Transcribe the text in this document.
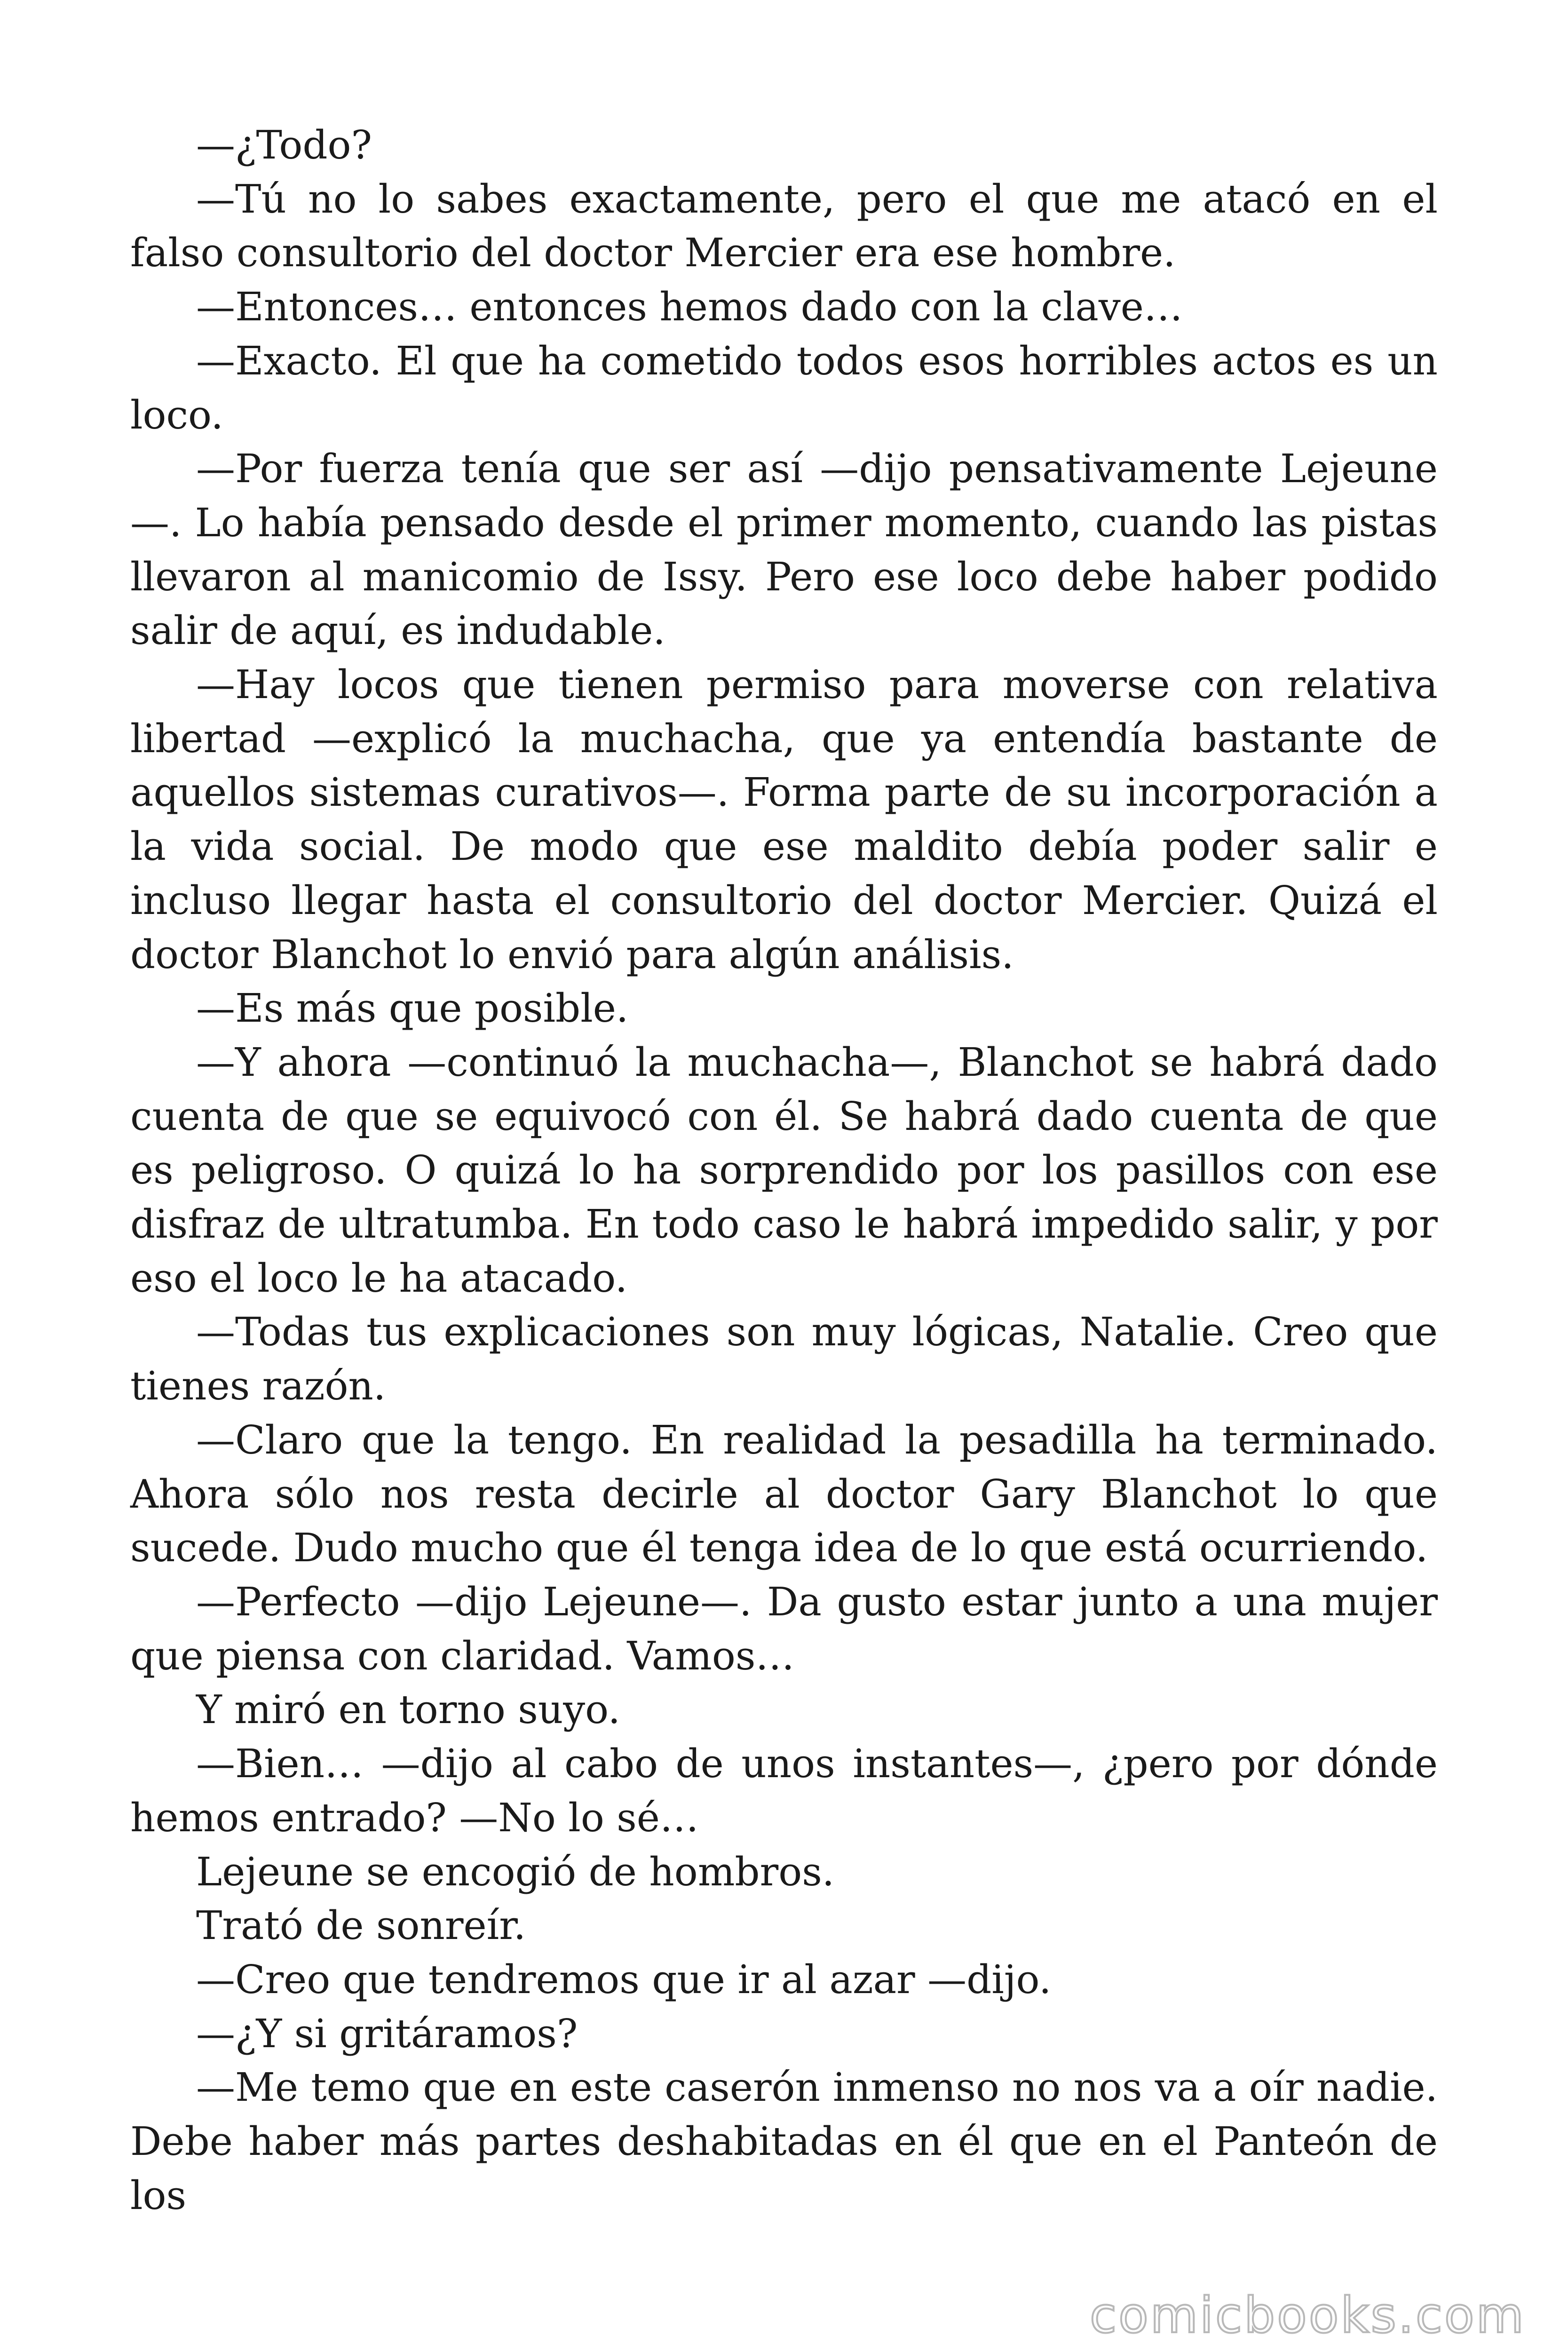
—¿Todo?

—Tú no lo sabes exactamente, pero el que me atacó en el falso consultorio del doctor Mercier era ese hombre.

—Entonces… entonces hemos dado con la clave…

—Exacto. El que ha cometido todos esos horribles actos es un loco.

—Por fuerza tenía que ser así —dijo pensativamente Lejeune—. Lo había pensado desde el primer momento, cuando las pistas llevaron al manicomio de Issy. Pero ese loco debe haber podido salir de aquí, es indudable.

—Hay locos que tienen permiso para moverse con relativa libertad —explicó la muchacha, que ya entendía bastante de aquellos sistemas curativos—. Forma parte de su incorporación a la vida social. De modo que ese maldito debía poder salir e incluso llegar hasta el consultorio del doctor Mercier. Quizá el doctor Blanchot lo envió para algún análisis.

—Es más que posible.

—Y ahora —continuó la muchacha—, Blanchot se habrá dado cuenta de que se equivocó con él. Se habrá dado cuenta de que es peligroso. O quizá lo ha sorprendido por los pasillos con ese disfraz de ultratumba. En todo caso le habrá impedido salir, y por eso el loco le ha atacado.

—Todas tus explicaciones son muy lógicas, Natalie. Creo que tienes razón.

—Claro que la tengo. En realidad la pesadilla ha terminado. Ahora sólo nos resta decirle al doctor Gary Blanchot lo que sucede. Dudo mucho que él tenga idea de lo que está ocurriendo.

—Perfecto —dijo Lejeune—. Da gusto estar junto a una mujer que piensa con claridad. Vamos…

Y miró en torno suyo.

—Bien… —dijo al cabo de unos instantes—, ¿pero por dónde hemos entrado? —No lo sé…

Lejeune se encogió de hombros.

Trató de sonreír.

—Creo que tendremos que ir al azar —dijo.

—¿Y si gritáramos?

—Me temo que en este caserón inmenso no nos va a oír nadie. Debe haber más partes deshabitadas en él que en el Panteón de los

comicbooks.com
